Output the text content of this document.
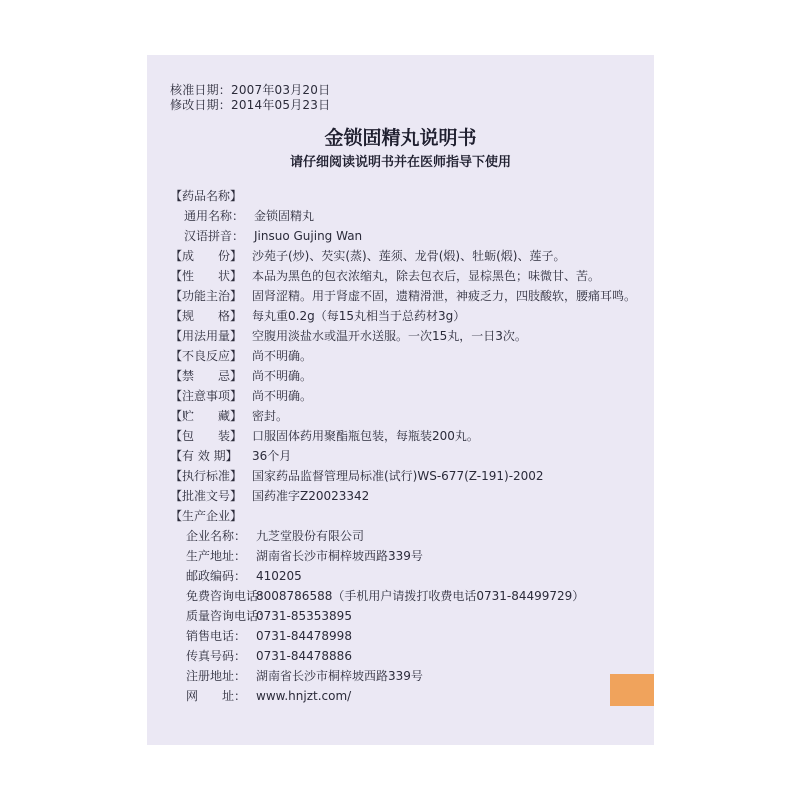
核准日期：2007年03月20日
修改日期：2014年05月23日
金锁固精丸说明书
请仔细阅读说明书并在医师指导下使用
【药品名称】
通用名称： 金锁固精丸
汉语拼音： Jinsuo Gujing Wan
【成　　份】 沙苑子(炒)、芡实(蒸)、莲须、龙骨(煅)、牡蛎(煅)、莲子。
【性　　状】 本品为黑色的包衣浓缩丸，除去包衣后，显棕黑色；味微甘、苦。
【功能主治】 固肾涩精。用于肾虚不固，遗精滑泄，神疲乏力，四肢酸软，腰痛耳鸣。
【规　　格】 每丸重0.2g（每15丸相当于总药材3g）
【用法用量】 空腹用淡盐水或温开水送服。一次15丸，一日3次。
【不良反应】 尚不明确。
【禁　　忌】 尚不明确。
【注意事项】 尚不明确。
【贮　　藏】 密封。
【包　　装】 口服固体药用聚酯瓶包装，每瓶装200丸。
【有 效 期】	36个月
【执行标准】 国家药品监督管理局标准(试行)WS-677(Z-191)-2002
【批准文号】 国药准字Z20023342
【生产企业】
企业名称： 九芝堂股份有限公司
生产地址： 湖南省长沙市桐梓坡西路339号
邮政编码： 410205
免费咨询电话：
8008786588（手机用户请拨打收费电话0731-84499729）
质量咨询电话：
0731-85353895
销售电话： 0731-84478998
传真号码： 0731-84478886
注册地址： 湖南省长沙市桐梓坡西路339号
网　　址： www.hnjzt.com/
